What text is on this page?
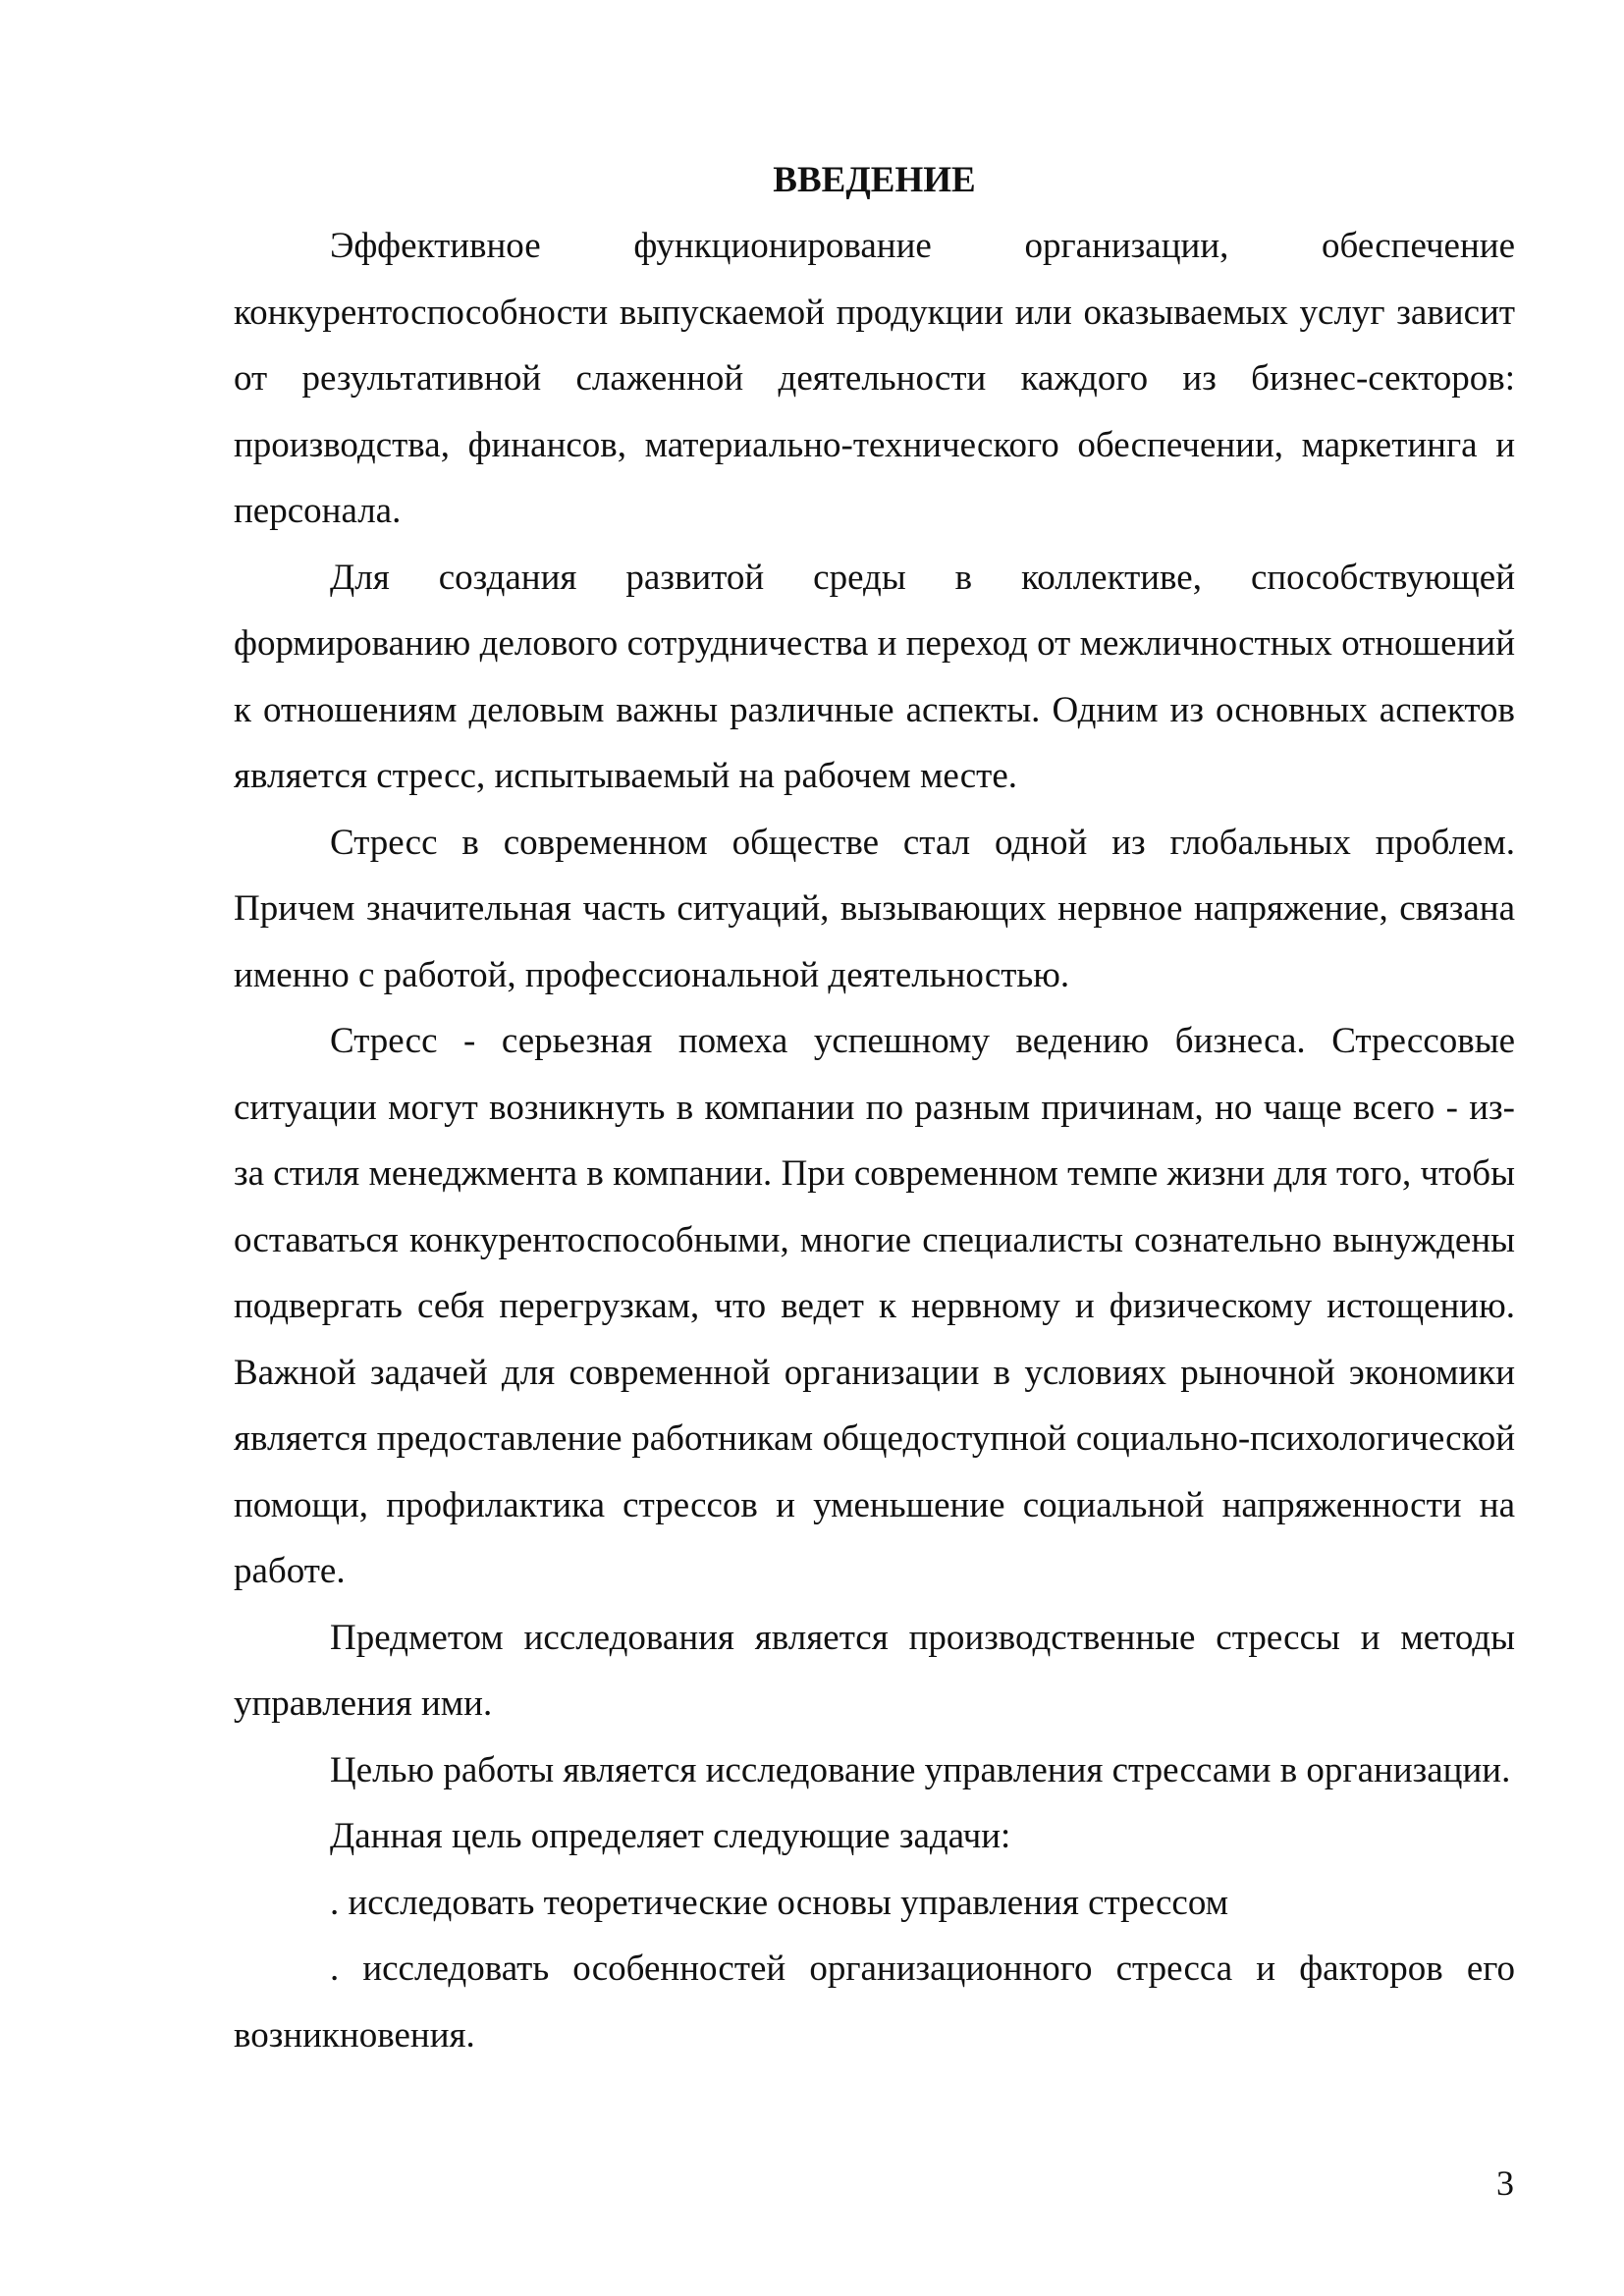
ВВЕДЕНИЕ

Эффективное функционирование организации, обеспечение конкурентоспособности выпускаемой продукции или оказываемых услуг зависит от результативной слаженной деятельности каждого из бизнес-секторов: производства, финансов, материально-технического обеспечении, маркетинга и персонала.

Для создания развитой среды в коллективе, способствующей формированию делового сотрудничества и переход от межличностных отношений к отношениям деловым важны различные аспекты. Одним из основных аспектов является стресс, испытываемый на рабочем месте.

Стресс в современном обществе стал одной из глобальных проблем. Причем значительная часть ситуаций, вызывающих нервное напряжение, связана именно с работой, профессиональной деятельностью.

Стресс - серьезная помеха успешному ведению бизнеса. Стрессовые ситуации могут возникнуть в компании по разным причинам, но чаще всего - из-за стиля менеджмента в компании. При современном темпе жизни для того, чтобы оставаться конкурентоспособными, многие специалисты сознательно вынуждены подвергать себя перегрузкам, что ведет к нервному и физическому истощению. Важной задачей для современной организации в условиях рыночной экономики является предоставление работникам общедоступной социально-психологической помощи, профилактика стрессов и уменьшение социальной напряженности на работе.

Предметом исследования является производственные стрессы и методы управления ими.

Целью работы является исследование управления стрессами в организации.

Данная цель определяет следующие задачи:

. исследовать теоретические основы управления стрессом

. исследовать особенностей организационного стресса и факторов его возникновения.

3
